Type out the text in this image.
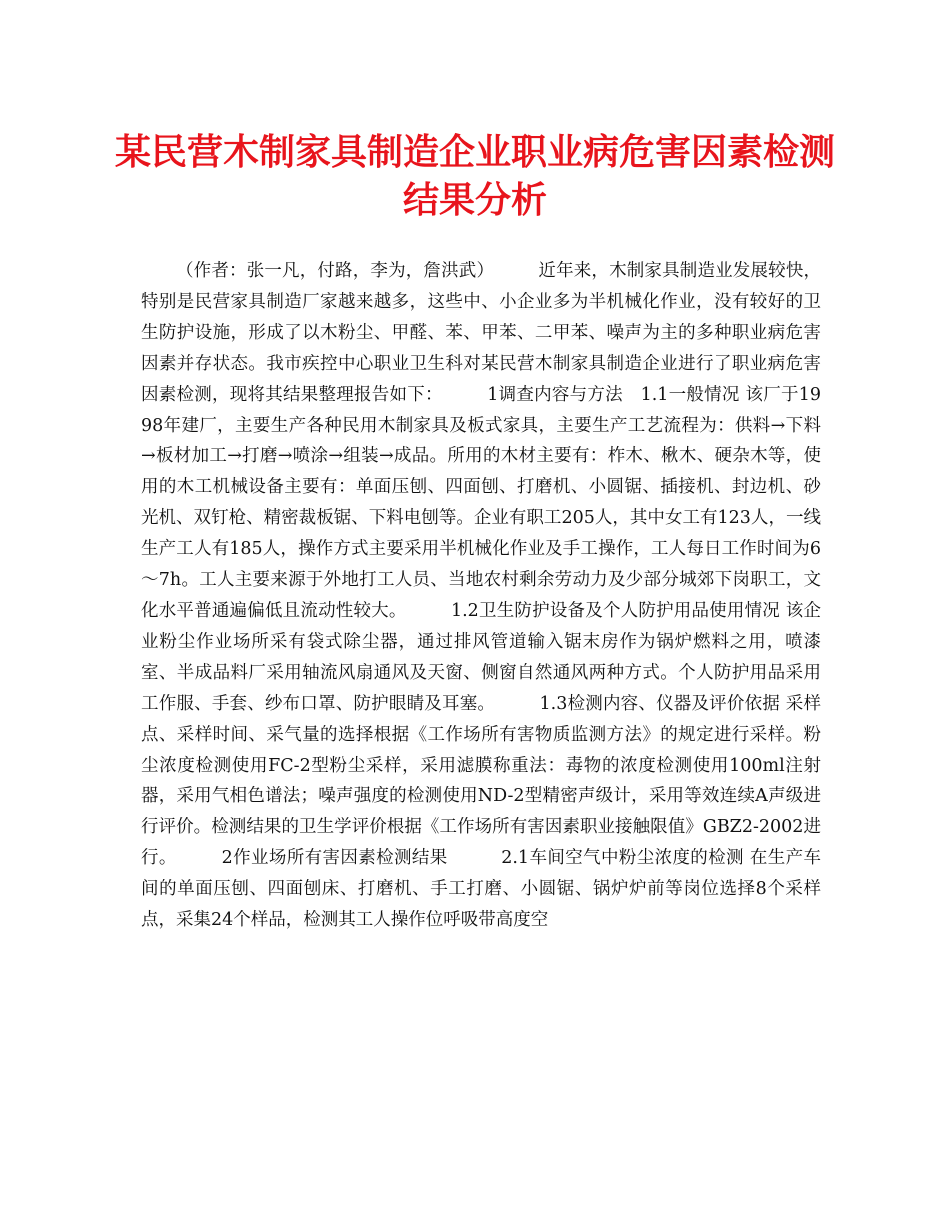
某民营木制家具制造企业职业病危害因素检测结果分析

（作者：张一凡，付路，李为，詹洪武）　　　近年来，木制家具制造业发展较快，特别是民营家具制造厂家越来越多，这些中、小企业多为半机械化作业，没有较好的卫生防护设施，形成了以木粉尘、甲醛、苯、甲苯、二甲苯、噪声为主的多种职业病危害因素并存状态。我市疾控中心职业卫生科对某民营木制家具制造企业进行了职业病危害因素检测，现将其结果整理报告如下：　　　1调查内容与方法　1.1一般情况 该厂于1998年建厂，主要生产各种民用木制家具及板式家具，主要生产工艺流程为：供料→下料→板材加工→打磨→喷涂→组装→成品。所用的木材主要有：柞木、楸木、硬杂木等，使用的木工机械设备主要有：单面压刨、四面刨、打磨机、小圆锯、插接机、封边机、砂光机、双钉枪、精密裁板锯、下料电刨等。企业有职工205人，其中女工有123人，一线生产工人有185人，操作方式主要采用半机械化作业及手工操作，工人每日工作时间为6～7h。工人主要来源于外地打工人员、当地农村剩余劳动力及少部分城郊下岗职工，文化水平普通遍偏低且流动性较大。　　　1.2卫生防护设备及个人防护用品使用情况 该企业粉尘作业场所采有袋式除尘器，通过排风管道输入锯末房作为锅炉燃料之用，喷漆室、半成品料厂采用轴流风扇通风及天窗、侧窗自然通风两种方式。个人防护用品采用工作服、手套、纱布口罩、防护眼睛及耳塞。　　　1.3检测内容、仪器及评价依据 采样点、采样时间、采气量的选择根据《工作场所有害物质监测方法》的规定进行采样。粉尘浓度检测使用FC-2型粉尘采样，采用滤膜称重法：毒物的浓度检测使用100ml注射器，采用气相色谱法；噪声强度的检测使用ND-2型精密声级计，采用等效连续A声级进行评价。检测结果的卫生学评价根据《工作场所有害因素职业接触限值》GBZ2-2002进行。　　　2作业场所有害因素检测结果　　　2.1车间空气中粉尘浓度的检测 在生产车间的单面压刨、四面刨床、打磨机、手工打磨、小圆锯、锅炉炉前等岗位选择8个采样点，采集24个样品，检测其工人操作位呼吸带高度空
